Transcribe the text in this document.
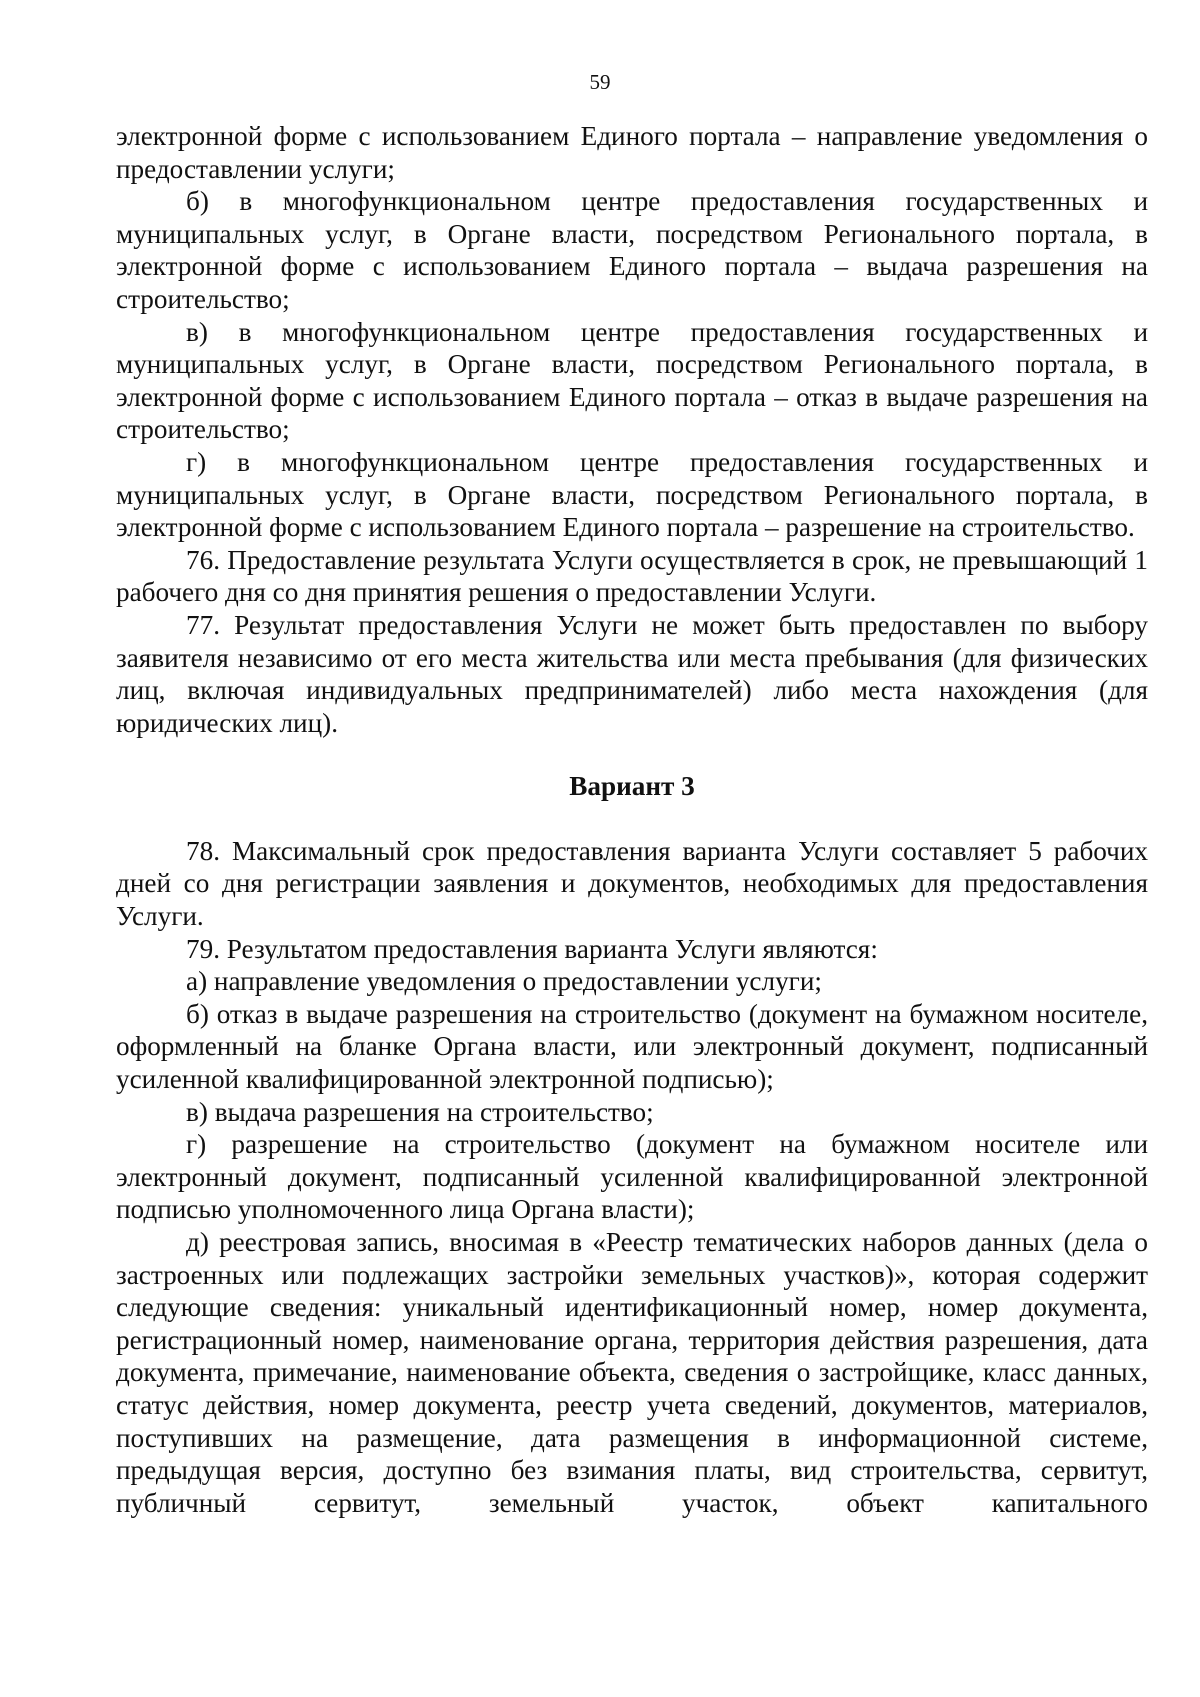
59

электронной форме с использованием Единого портала – направление уведомления о предоставлении услуги;

б) в многофункциональном центре предоставления государственных и муниципальных услуг, в Органе власти, посредством Регионального портала, в электронной форме с использованием Единого портала – выдача разрешения на строительство;

в) в многофункциональном центре предоставления государственных и муниципальных услуг, в Органе власти, посредством Регионального портала, в электронной форме с использованием Единого портала – отказ в выдаче разрешения на строительство;

г) в многофункциональном центре предоставления государственных и муниципальных услуг, в Органе власти, посредством Регионального портала, в электронной форме с использованием Единого портала – разрешение на строительство.

76. Предоставление результата Услуги осуществляется в срок, не превышающий 1 рабочего дня со дня принятия решения о предоставлении Услуги.

77. Результат предоставления Услуги не может быть предоставлен по выбору заявителя независимо от его места жительства или места пребывания (для физических лиц, включая индивидуальных предпринимателей) либо места нахождения (для юридических лиц).

Вариант 3

78. Максимальный срок предоставления варианта Услуги составляет 5 рабочих дней со дня регистрации заявления и документов, необходимых для предоставления Услуги.

79. Результатом предоставления варианта Услуги являются:

а) направление уведомления о предоставлении услуги;

б) отказ в выдаче разрешения на строительство (документ на бумажном носителе, оформленный на бланке Органа власти, или электронный документ, подписанный усиленной квалифицированной электронной подписью);

в) выдача разрешения на строительство;

г) разрешение на строительство (документ на бумажном носителе или электронный документ, подписанный усиленной квалифицированной электронной подписью уполномоченного лица Органа власти);

д) реестровая запись, вносимая в «Реестр тематических наборов данных (дела о застроенных или подлежащих застройки земельных участков)», которая содержит следующие сведения: уникальный идентификационный номер, номер документа, регистрационный номер, наименование органа, территория действия разрешения, дата документа, примечание, наименование объекта, сведения о застройщике, класс данных, статус действия, номер документа, реестр учета сведений, документов, материалов, поступивших на размещение, дата размещения в информационной системе, предыдущая версия, доступно без взимания платы, вид строительства, сервитут, публичный сервитут, земельный участок, объект капитального
